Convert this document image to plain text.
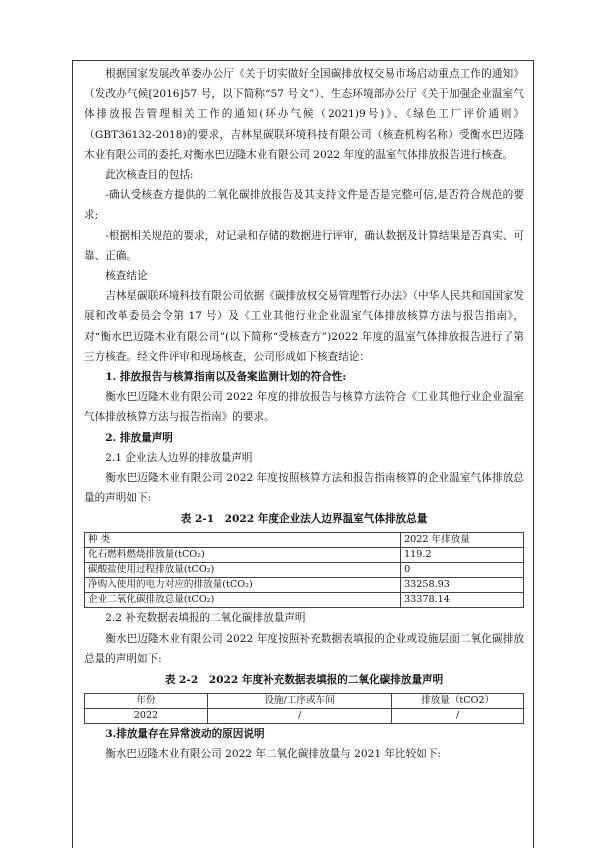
根据国家发展改革委办公厅《关于切实做好全国碳排放权交易市场启动重点工作的通知》（发改办气候[2016]57 号，以下简称“57 号文”）、生态环境部办公厅《关于加强企业温室气体排放报告管理相关工作的通知(环办气候（2021)9号)》、《绿色工厂评价通则》（GBT36132-2018)的要求，吉林星碳联环境科技有限公司（核查机构名称）受衡水巴迈隆木业有限公司的委托,对衡水巴迈隆木业有限公司 2022 年度的温室气体排放报告进行核查。

此次核查目的包括:

-确认受核查方提供的二氧化碳排放报告及其支持文件是否是完整可信,是否符合规范的要求;

-根据相关规范的要求，对记录和存储的数据进行评审，确认数据及计算结果是否真实、可靠、正确。

核查结论

吉林星碳联环境科技有限公司依据《碳排放权交易管理暂行办法》（中华人民共和国国家发展和改革委员会令第 17 号）及《工业其他行业企业温室气体排放核算方法与报告指南》，对“衡水巴迈隆木业有限公司”(以下简称“受核查方”)2022 年度的温室气体排放报告进行了第三方核查。经文件评审和现场核查，公司形成如下核查结论：

1. 排放报告与核算指南以及备案监测计划的符合性:

衡水巴迈隆木业有限公司 2022 年度的排放报告与核算方法符合《工业其他行业企业温室气体排放核算方法与报告指南》的要求。

2. 排放量声明

2.1 企业法人边界的排放量声明

衡水巴迈隆木业有限公司 2022 年度按照核算方法和报告指南核算的企业温室气体排放总量的声明如下:

表 2-1　2022 年度企业法人边界温室气体排放总量

种 类	2022 年排放量
化石燃料燃烧排放量(tCO₂)	119.2
碳酸盐使用过程排放量(tCO₂)	0
净购入使用的电力对应的排放量(tCO₂)	33258.93
企业二氧化碳排放总量(tCO₂)	33378.14

2.2 补充数据表填报的二氧化碳排放量声明

衡水巴迈隆木业有限公司 2022 年度按照补充数据表填报的企业或设施层面二氧化碳排放总量的声明如下:

表 2-2　2022 年度补充数据表填报的二氧化碳排放量声明

年份	设施/工序或车间	排放量（tCO2）
2022	/	/

3.排放量存在异常波动的原因说明

衡水巴迈隆木业有限公司 2022 年二氧化碳排放量与 2021 年比较如下:
